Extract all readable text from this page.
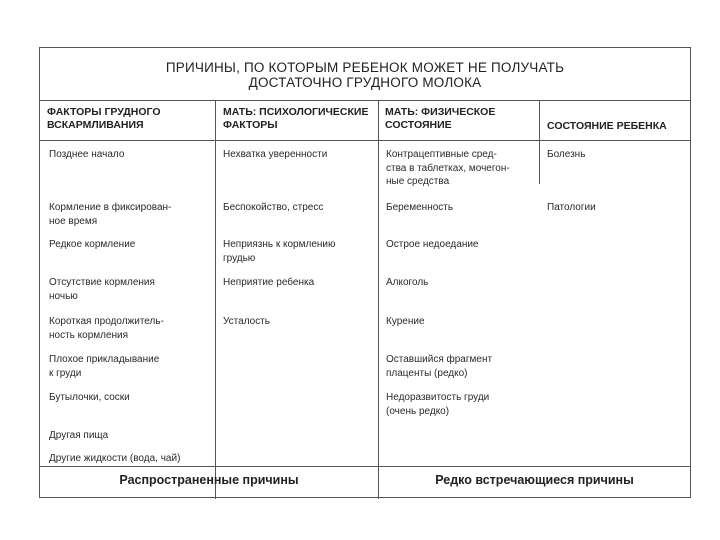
ПРИЧИНЫ, ПО КОТОРЫМ РЕБЕНОК МОЖЕТ НЕ ПОЛУЧАТЬ
ДОСТАТОЧНО ГРУДНОГО МОЛОКА
ФАКТОРЫ ГРУДНОГО
ВСКАРМЛИВАНИЯ
МАТЬ: ПСИХОЛОГИЧЕСКИЕ
ФАКТОРЫ
МАТЬ: ФИЗИЧЕСКОЕ
СОСТОЯНИЕ	СОСТОЯНИЕ РЕБЕНКА
Позднее начало
Кормление в фиксирован-
ное время
Редкое кормление
Отсутствие кормления
ночью
Короткая продолжитель-
ность кормления
Плохое прикладывание
к груди
Бутылочки, соски
Другая пища
Другие жидкости (вода, чай)
Нехватка уверенности
Беспокойство, стресс
Неприязнь к кормлению
грудью
Неприятие ребенка
Усталость
Контрацептивные сред-
ства в таблетках, мочегон-
ные средства
Беременность
Острое недоедание
Алкоголь
Курение
Оставшийся фрагмент
плаценты (редко)
Недоразвитость груди
(очень редко)
Болезнь
Патологии
Распространенные причины	Редко встречающиеся причины
